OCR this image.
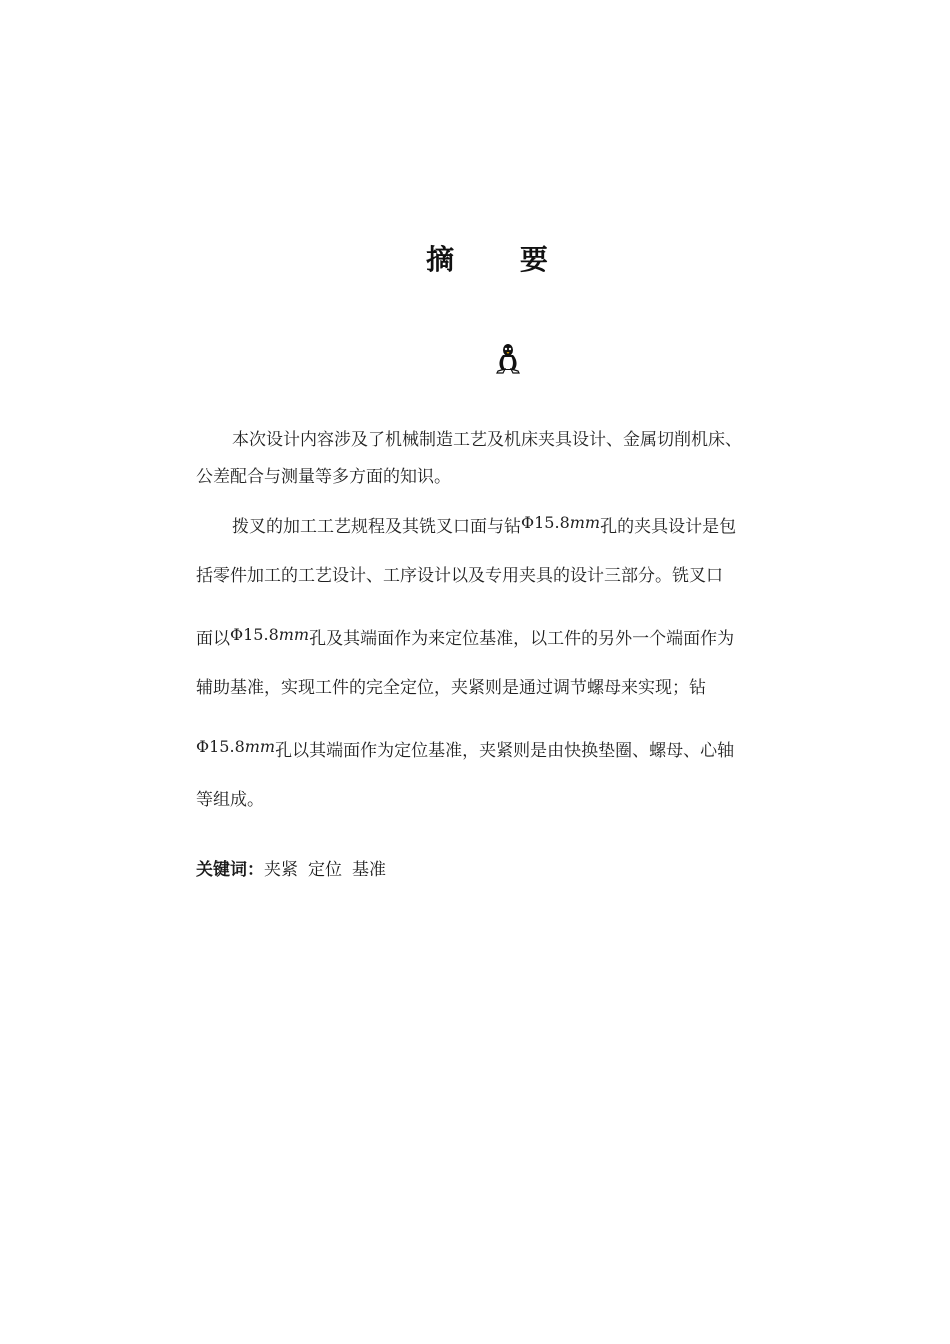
摘 要
本次设计内容涉及了机械制造工艺及机床夹具设计、金属切削机床、
公差配合与测量等多方面的知识。
拨叉的加工工艺规程及其铣叉口面与钻Φ15.8mm孔的夹具设计是包
括零件加工的工艺设计、工序设计以及专用夹具的设计三部分。铣叉口
面以Φ15.8mm孔及其端面作为来定位基准，以工件的另外一个端面作为
辅助基准，实现工件的完全定位，夹紧则是通过调节螺母来实现；钻
Φ15.8mm孔以其端面作为定位基准，夹紧则是由快换垫圈、螺母、心轴
等组成。
关键词：夹紧 定位 基准
